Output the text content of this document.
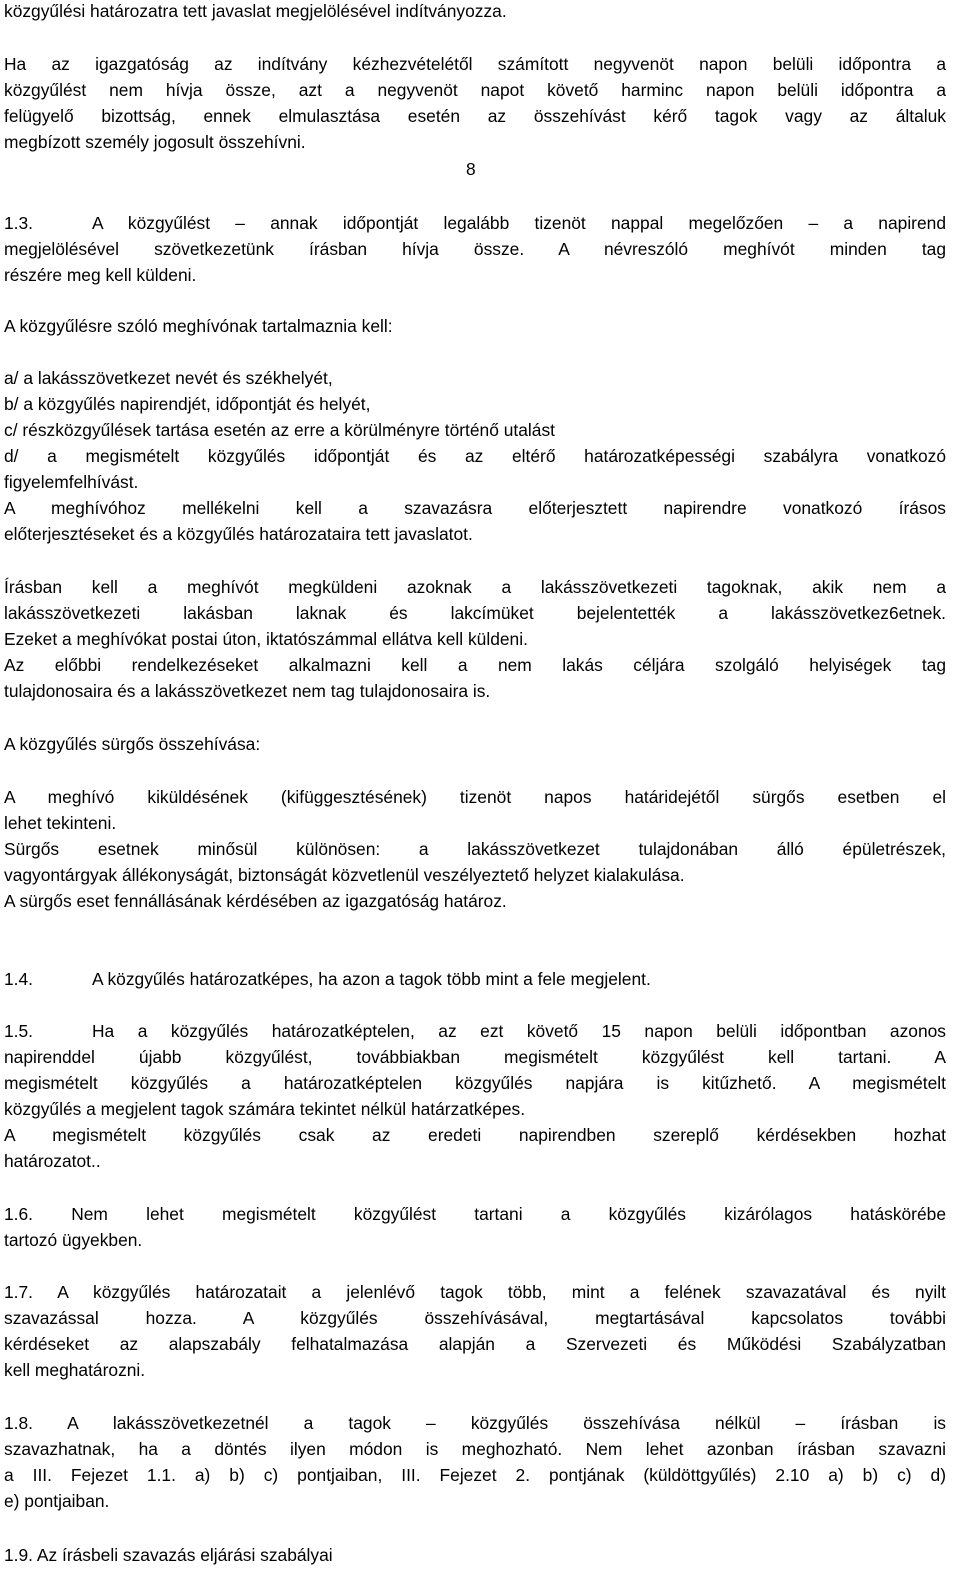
közgyűlési határozatra tett javaslat megjelölésével indítványozza.
Ha az igazgatóság az indítvány kézhezvételétől számított negyvenöt napon belüli időpontra a
közgyűlést nem hívja össze, azt a negyvenöt napot követő harminc napon belüli időpontra a
felügyelő bizottság, ennek elmulasztása esetén az összehívást kérő tagok vagy az általuk
megbízott személy jogosult összehívni.
8
1.3.	A közgyűlést – annak időpontját legalább tizenöt nappal megelőzően – a napirend
megjelölésével szövetkezetünk írásban hívja össze. A névreszóló meghívót minden tag
részére meg kell küldeni.
A közgyűlésre szóló meghívónak tartalmaznia kell:
a/ a lakásszövetkezet nevét és székhelyét,
b/ a közgyűlés napirendjét, időpontját és helyét,
c/ részközgyűlések tartása esetén az erre a körülményre történő utalást
d/ a megismételt közgyűlés időpontját és az eltérő határozatképességi szabályra vonatkozó
figyelemfelhívást.
A meghívóhoz mellékelni kell a szavazásra előterjesztett napirendre vonatkozó írásos
előterjesztéseket és a közgyűlés határozataira tett javaslatot.
Írásban kell a meghívót megküldeni azoknak a lakásszövetkezeti tagoknak, akik nem a
lakásszövetkezeti lakásban laknak és lakcímüket bejelentették a lakásszövetkez6etnek.
Ezeket a meghívókat postai úton, iktatószámmal ellátva kell küldeni.
Az előbbi rendelkezéseket alkalmazni kell a nem lakás céljára szolgáló helyiségek tag
tulajdonosaira és a lakásszövetkezet nem tag tulajdonosaira is.
A közgyűlés sürgős összehívása:
A meghívó kiküldésének (kifüggesztésének) tizenöt napos határidejétől sürgős esetben el
lehet tekinteni.
Sürgős esetnek minősül különösen: a lakásszövetkezet tulajdonában álló épületrészek,
vagyontárgyak állékonyságát, biztonságát közvetlenül veszélyeztető helyzet kialakulása.
A sürgős eset fennállásának kérdésében az igazgatóság határoz.
1.4.	A közgyűlés határozatképes, ha azon a tagok több mint a fele megjelent.
1.5.	Ha a közgyűlés határozatképtelen, az ezt követő 15 napon belüli időpontban azonos
napirenddel újabb közgyűlést, továbbiakban megismételt közgyűlést kell tartani. A
megismételt közgyűlés a határozatképtelen közgyűlés napjára is kitűzhető. A megismételt
közgyűlés a megjelent tagok számára tekintet nélkül határzatképes.
A megismételt közgyűlés csak az eredeti napirendben szereplő kérdésekben hozhat
határozatot..
1.6. Nem lehet megismételt közgyűlést tartani a közgyűlés kizárólagos hatáskörébe
tartozó ügyekben.
1.7. A közgyűlés határozatait a jelenlévő tagok több, mint a felének szavazatával és nyilt
szavazással hozza. A közgyűlés összehívásával, megtartásával kapcsolatos további
kérdéseket az alapszabály felhatalmazása alapján a Szervezeti és Működési Szabályzatban
kell meghatározni.
1.8. A lakásszövetkezetnél a tagok – közgyűlés összehívása nélkül – írásban is
szavazhatnak, ha a döntés ilyen módon is meghozható. Nem lehet azonban írásban szavazni
a III. Fejezet 1.1. a) b) c) pontjaiban, III. Fejezet 2. pontjának (küldöttgyűlés) 2.10 a) b) c) d)
e) pontjaiban.
1.9. Az írásbeli szavazás eljárási szabályai
